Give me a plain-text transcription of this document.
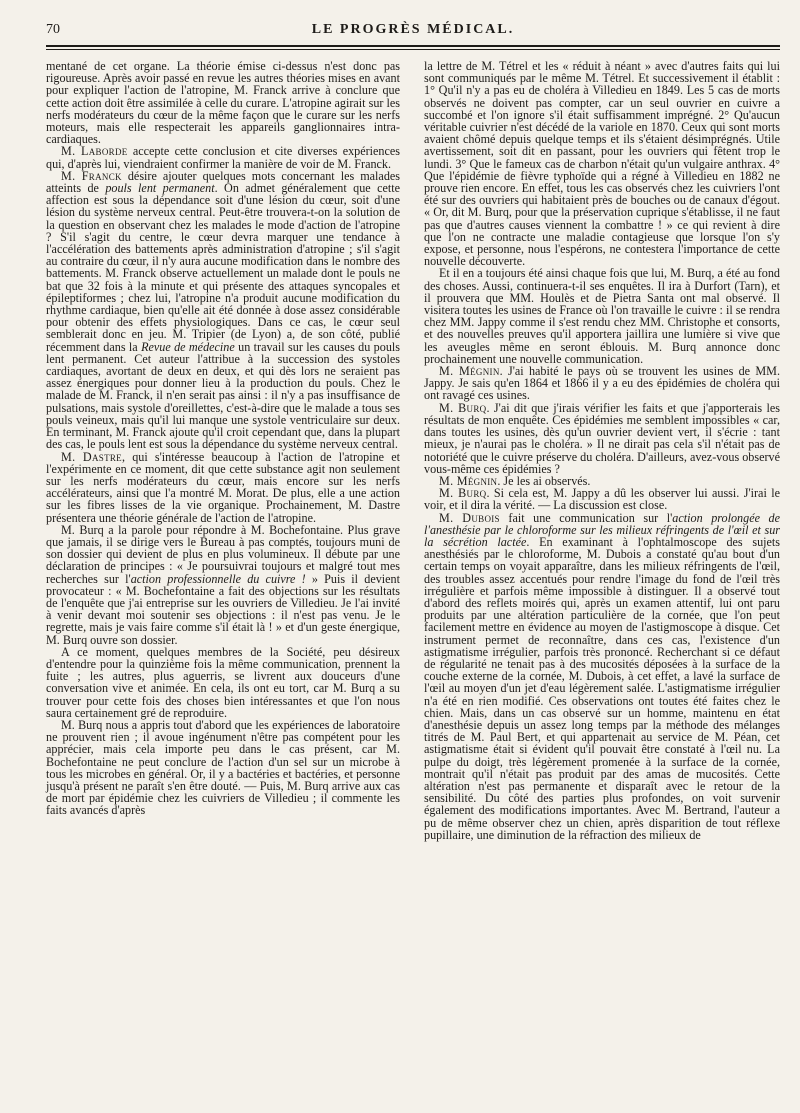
70	LE PROGRÈS MÉDICAL.

mentané de cet organe. La théorie émise ci-dessus n'est donc pas rigoureuse. Après avoir passé en revue les autres théories mises en avant pour expliquer l'action de l'atropine, M. Franck arrive à conclure que cette action doit être assimilée à celle du curare. L'atropine agirait sur les nerfs modérateurs du cœur de la même façon que le curare sur les nerfs moteurs, mais elle respecterait les appareils ganglionnaires intra-cardiaques.

M. Laborde accepte cette conclusion et cite diverses expériences qui, d'après lui, viendraient confirmer la manière de voir de M. Franck.

M. Franck désire ajouter quelques mots concernant les malades atteints de pouls lent permanent. On admet généralement que cette affection est sous la dépendance soit d'une lésion du cœur, soit d'une lésion du système nerveux central. Peut-être trouvera-t-on la solution de la question en observant chez les malades le mode d'action de l'atropine ? S'il s'agit du centre, le cœur devra marquer une tendance à l'accélération des battements après administration d'atropine ; s'il s'agit au contraire du cœur, il n'y aura aucune modification dans le nombre des battements. M. Franck observe actuellement un malade dont le pouls ne bat que 32 fois à la minute et qui présente des attaques syncopales et épileptiformes ; chez lui, l'atropine n'a produit aucune modification du rhythme cardiaque, bien qu'elle ait été donnée à dose assez considérable pour obtenir des effets physiologiques. Dans ce cas, le cœur seul semblerait donc en jeu. M. Tripier (de Lyon) a, de son côté, publié récemment dans la Revue de médecine un travail sur les causes du pouls lent permanent. Cet auteur l'attribue à la succession des systoles cardiaques, avortant de deux en deux, et qui dès lors ne seraient pas assez énergiques pour donner lieu à la production du pouls. Chez le malade de M. Franck, il n'en serait pas ainsi : il n'y a pas insuffisance de pulsations, mais systole d'oreillettes, c'est-à-dire que le malade a tous ses pouls veineux, mais qu'il lui manque une systole ventriculaire sur deux. En terminant, M. Franck ajoute qu'il croit cependant que, dans la plupart des cas, le pouls lent est sous la dépendance du système nerveux central.

M. Dastre, qui s'intéresse beaucoup à l'action de l'atropine et l'expérimente en ce moment, dit que cette substance agit non seulement sur les nerfs modérateurs du cœur, mais encore sur les nerfs accélérateurs, ainsi que l'a montré M. Morat. De plus, elle a une action sur les fibres lisses de la vie organique. Prochainement, M. Dastre présentera une théorie générale de l'action de l'atropine.

M. Burq a la parole pour répondre à M. Bochefontaine. Plus grave que jamais, il se dirige vers le Bureau à pas comptés, toujours muni de son dossier qui devient de plus en plus volumineux. Il débute par une déclaration de principes : « Je poursuivrai toujours et malgré tout mes recherches sur l'action professionnelle du cuivre ! » Puis il devient provocateur : « M. Bochefontaine a fait des objections sur les résultats de l'enquête que j'ai entreprise sur les ouvriers de Villedieu. Je l'ai invité à venir devant moi soutenir ses objections : il n'est pas venu. Je le regrette, mais je vais faire comme s'il était là ! » et d'un geste énergique, M. Burq ouvre son dossier.

A ce moment, quelques membres de la Société, peu désireux d'entendre pour la quinzième fois la même communication, prennent la fuite ; les autres, plus aguerris, se livrent aux douceurs d'une conversation vive et animée. En cela, ils ont eu tort, car M. Burq a su trouver pour cette fois des choses bien intéressantes et que l'on nous saura certainement gré de reproduire.

M. Burq nous a appris tout d'abord que les expériences de laboratoire ne prouvent rien ; il avoue ingénument n'être pas compétent pour les apprécier, mais cela importe peu dans le cas présent, car M. Bochefontaine ne peut conclure de l'action d'un sel sur un microbe à tous les microbes en général. Or, il y a bactéries et bactéries, et personne jusqu'à présent ne paraît s'en être douté. — Puis, M. Burq arrive aux cas de mort par épidémie chez les cuivriers de Villedieu ; il commente les faits avancés d'après

la lettre de M. Tétrel et les « réduit à néant » avec d'autres faits qui lui sont communiqués par le même M. Tétrel. Et successivement il établit : 1° Qu'il n'y a pas eu de choléra à Villedieu en 1849. Les 5 cas de morts observés ne doivent pas compter, car un seul ouvrier en cuivre a succombé et l'on ignore s'il était suffisamment imprégné. 2° Qu'aucun véritable cuivrier n'est décédé de la variole en 1870. Ceux qui sont morts avaient chômé depuis quelque temps et ils s'étaient désimprégnés. Utile avertissement, soit dit en passant, pour les ouvriers qui fêtent trop le lundi. 3° Que le fameux cas de charbon n'était qu'un vulgaire anthrax. 4° Que l'épidémie de fièvre typhoïde qui a régné à Villedieu en 1882 ne prouve rien encore. En effet, tous les cas observés chez les cuivriers l'ont été sur des ouvriers qui habitaient près de bouches ou de canaux d'égout. « Or, dit M. Burq, pour que la préservation cuprique s'établisse, il ne faut pas que d'autres causes viennent la combattre ! » ce qui revient à dire que l'on ne contracte une maladie contagieuse que lorsque l'on s'y expose, et personne, nous l'espérons, ne contestera l'importance de cette nouvelle découverte.

Et il en a toujours été ainsi chaque fois que lui, M. Burq, a été au fond des choses. Aussi, continuera-t-il ses enquêtes. Il ira à Durfort (Tarn), et il prouvera que MM. Houlès et de Pietra Santa ont mal observé. Il visitera toutes les usines de France où l'on travaille le cuivre : il se rendra chez MM. Jappy comme il s'est rendu chez MM. Christophe et consorts, et des nouvelles preuves qu'il apportera jaillira une lumière si vive que les aveugles même en seront éblouis. M. Burq annonce donc prochainement une nouvelle communication.

M. Mégnin. J'ai habité le pays où se trouvent les usines de MM. Jappy. Je sais qu'en 1864 et 1866 il y a eu des épidémies de choléra qui ont ravagé ces usines.

M. Burq. J'ai dit que j'irais vérifier les faits et que j'apporterais les résultats de mon enquête. Ces épidémies me semblent impossibles « car, dans toutes les usines, dès qu'un ouvrier devient vert, il s'écrie : tant mieux, je n'aurai pas le choléra. » Il ne dirait pas cela s'il n'était pas de notoriété que le cuivre préserve du choléra. D'ailleurs, avez-vous observé vous-même ces épidémies ?

M. Mégnin. Je les ai observés.

M. Burq. Si cela est, M. Jappy a dû les observer lui aussi. J'irai le voir, et il dira la vérité. — La discussion est close.

M. Dubois fait une communication sur l'action prolongée de l'anesthésie par le chloroforme sur les milieux réfringents de l'œil et sur la sécrétion lactée. En examinant à l'ophtalmoscope des sujets anesthésiés par le chloroforme, M. Dubois a constaté qu'au bout d'un certain temps on voyait apparaître, dans les milieux réfringents de l'œil, des troubles assez accentués pour rendre l'image du fond de l'œil très irrégulière et parfois même impossible à distinguer. Il a observé tout d'abord des reflets moirés qui, après un examen attentif, lui ont paru produits par une altération particulière de la cornée, que l'on peut facilement mettre en évidence au moyen de l'astigmoscope à disque. Cet instrument permet de reconnaître, dans ces cas, l'existence d'un astigmatisme irrégulier, parfois très prononcé. Recherchant si ce défaut de régularité ne tenait pas à des mucosités déposées à la surface de la couche externe de la cornée, M. Dubois, à cet effet, a lavé la surface de l'œil au moyen d'un jet d'eau légèrement salée. L'astigmatisme irrégulier n'a été en rien modifié. Ces observations ont toutes été faites chez le chien. Mais, dans un cas observé sur un homme, maintenu en état d'anesthésie depuis un assez long temps par la méthode des mélanges titrés de M. Paul Bert, et qui appartenait au service de M. Péan, cet astigmatisme était si évident qu'il pouvait être constaté à l'œil nu. La pulpe du doigt, très légèrement promenée à la surface de la cornée, montrait qu'il n'était pas produit par des amas de mucosités. Cette altération n'est pas permanente et disparaît avec le retour de la sensibilité. Du côté des parties plus profondes, on voit survenir également des modifications importantes. Avec M. Bertrand, l'auteur a pu de même observer chez un chien, après disparition de tout réflexe pupillaire, une diminution de la réfraction des milieux de
